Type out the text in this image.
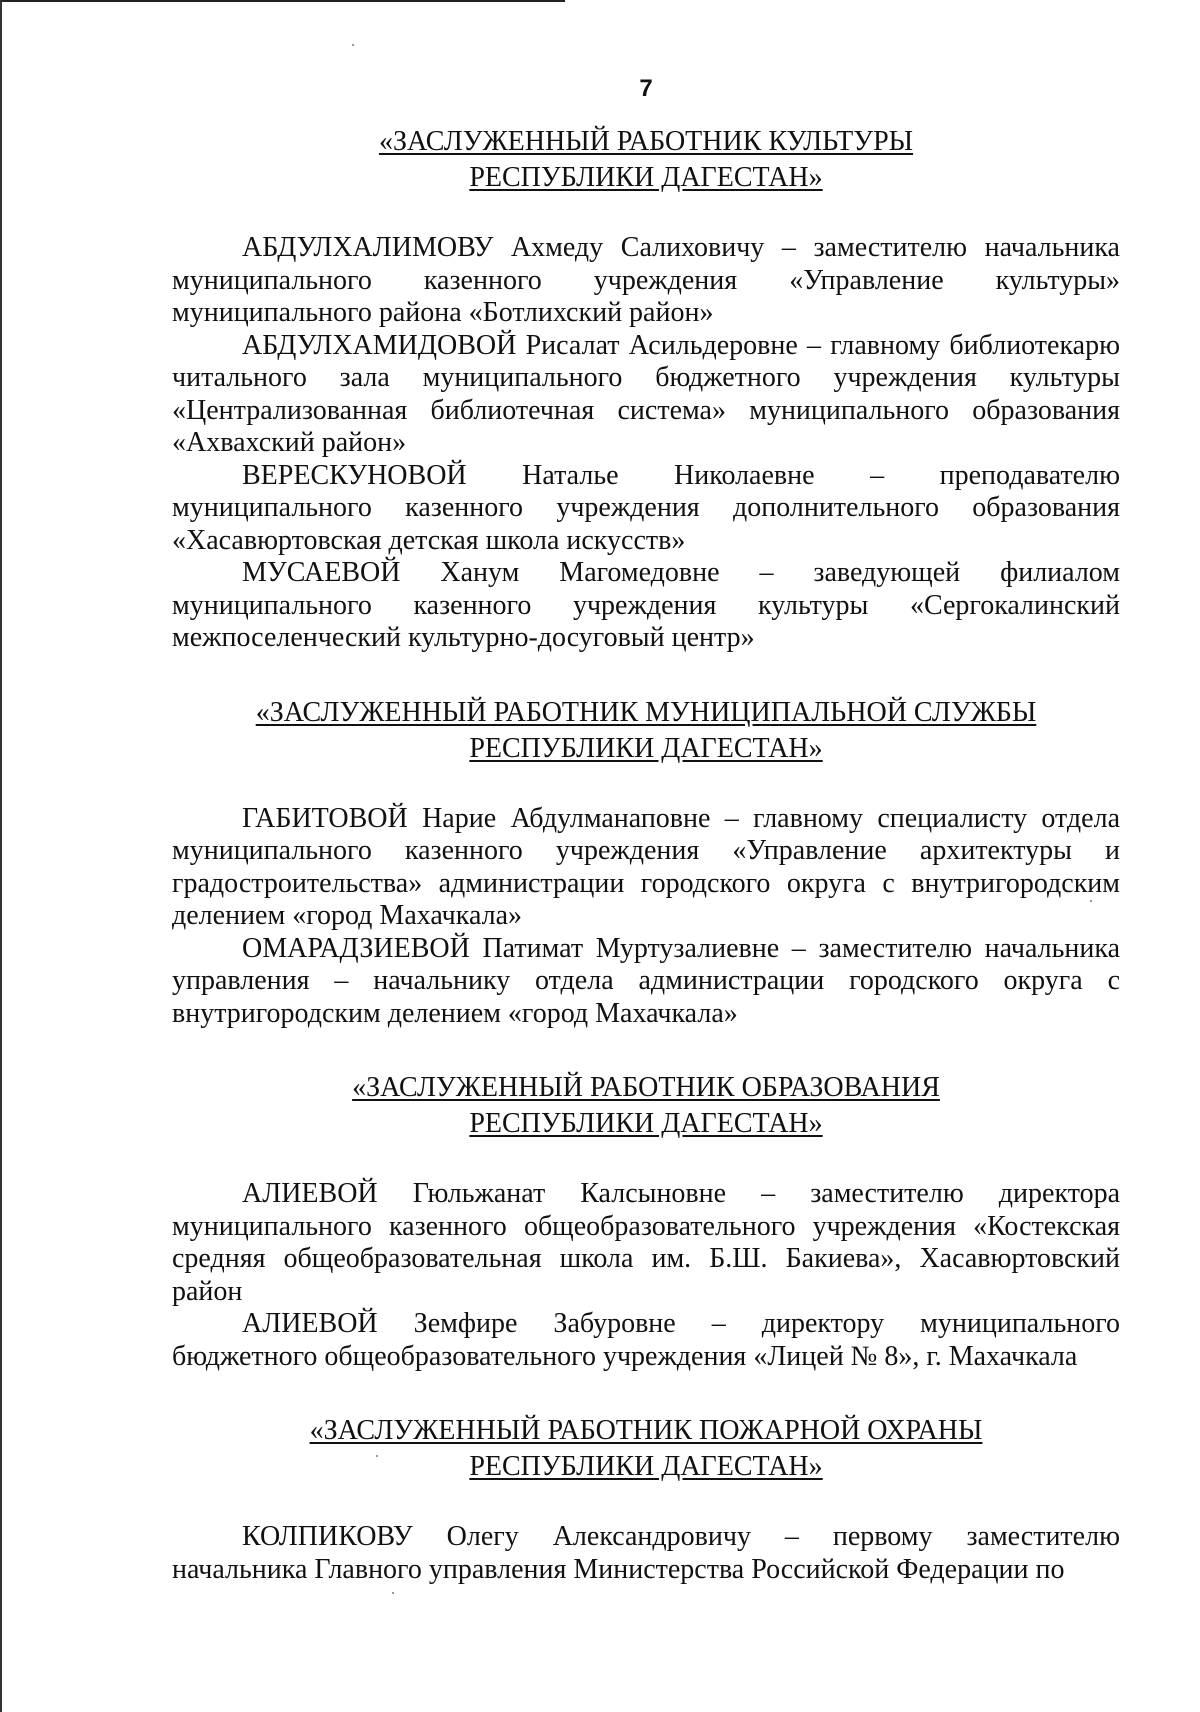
7
«ЗАСЛУЖЕННЫЙ РАБОТНИК КУЛЬТУРЫ
РЕСПУБЛИКИ ДАГЕСТАН»

АБДУЛХАЛИМОВУ Ахмеду Салиховичу – заместителю начальника муниципального казенного учреждения «Управление культуры» муниципального района «Ботлихский район»

АБДУЛХАМИДОВОЙ Рисалат Асильдеровне – главному библиотекарю читального зала муниципального бюджетного учреждения культуры «Централизованная библиотечная система» муниципального образования «Ахвахский район»

ВЕРЕСКУНОВОЙ Наталье Николаевне – преподавателю муниципального казенного учреждения дополнительного образования «Хасавюртовская детская школа искусств»

МУСАЕВОЙ Ханум Магомедовне – заведующей филиалом муниципального казенного учреждения культуры «Сергокалинский межпоселенческий культурно-досуговый центр»

«ЗАСЛУЖЕННЫЙ РАБОТНИК МУНИЦИПАЛЬНОЙ СЛУЖБЫ
РЕСПУБЛИКИ ДАГЕСТАН»

ГАБИТОВОЙ Нарие Абдулманаповне – главному специалисту отдела муниципального казенного учреждения «Управление архитектуры и градостроительства» администрации городского округа с внутригородским делением «город Махачкала»

ОМАРАДЗИЕВОЙ Патимат Муртузалиевне – заместителю начальника управления – начальнику отдела администрации городского округа с внутригородским делением «город Махачкала»

«ЗАСЛУЖЕННЫЙ РАБОТНИК ОБРАЗОВАНИЯ
РЕСПУБЛИКИ ДАГЕСТАН»

АЛИЕВОЙ Гюльжанат Калсыновне – заместителю директора муниципального казенного общеобразовательного учреждения «Костекская средняя общеобразовательная школа им. Б.Ш. Бакиева», Хасавюртовский район

АЛИЕВОЙ Земфире Забуровне – директору муниципального бюджетного общеобразовательного учреждения «Лицей № 8», г. Махачкала

«ЗАСЛУЖЕННЫЙ РАБОТНИК ПОЖАРНОЙ ОХРАНЫ
РЕСПУБЛИКИ ДАГЕСТАН»

КОЛПИКОВУ Олегу Александровичу – первому заместителю начальника Главного управления Министерства Российской Федерации по
